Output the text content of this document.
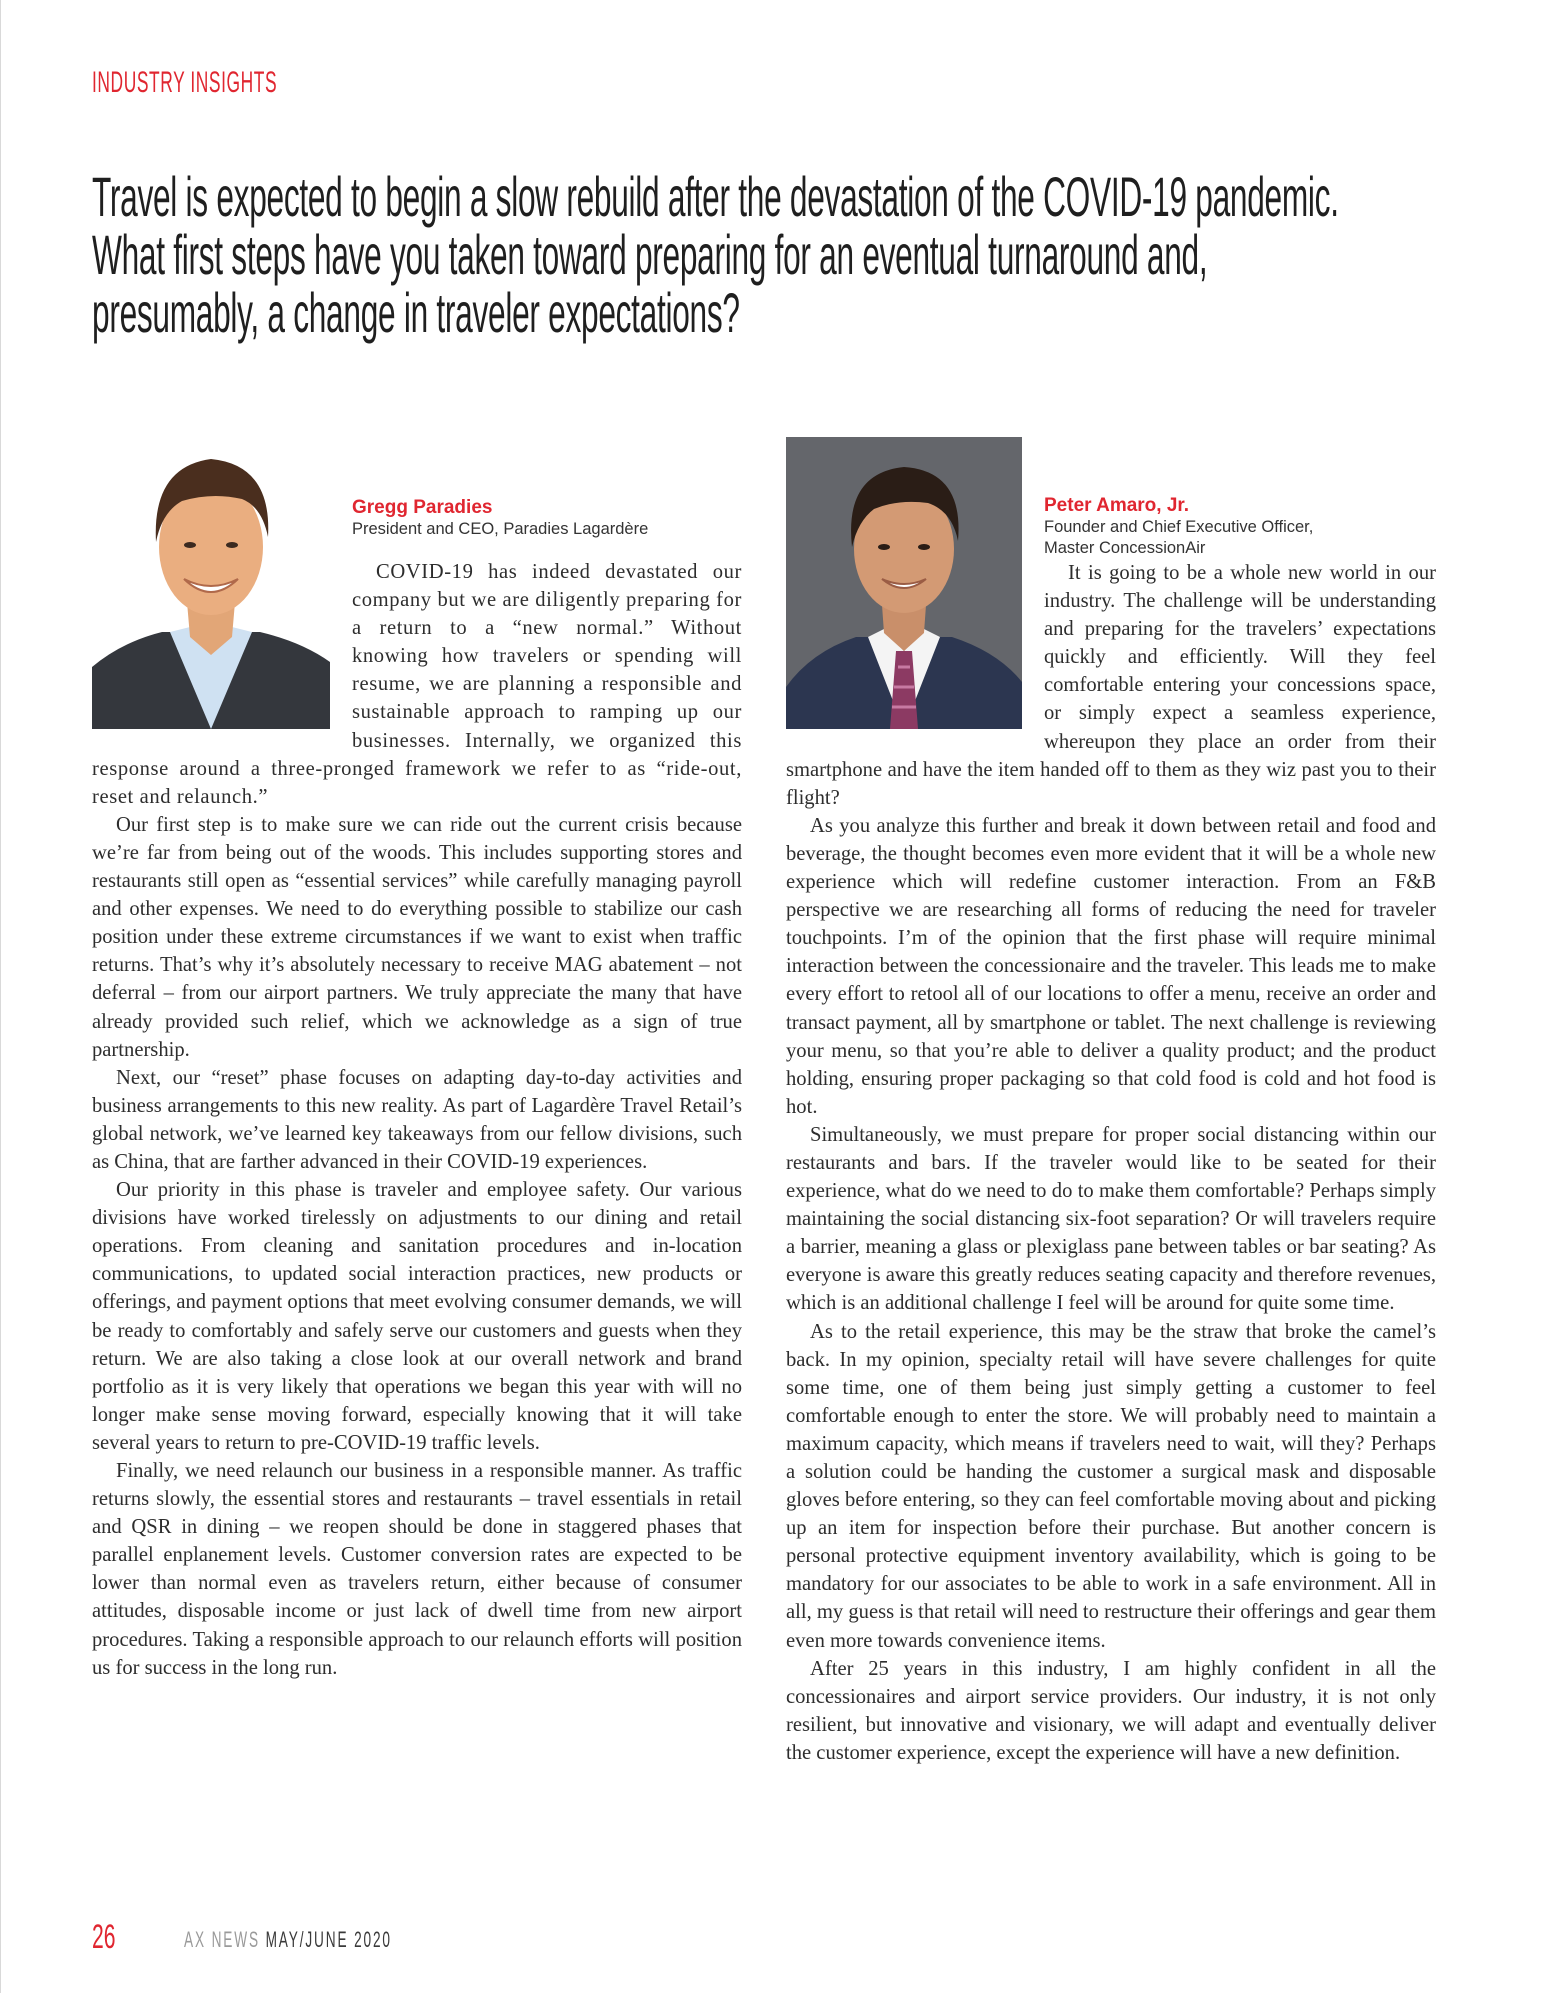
INDUSTRY INSIGHTS
Travel is expected to begin a slow rebuild after the devastation of the COVID-19 pandemic.
What first steps have you taken toward preparing for an eventual turnaround and,
presumably, a change in traveler expectations?
Gregg Paradies
President and CEO, Paradies Lagardère

COVID-19 has indeed devastated our company but we are diligently preparing for a return to a “new normal.” Without knowing how travelers or spending will resume, we are planning a responsible and sustainable approach to ramping up our businesses. Internally, we organized this response around a three-pronged framework we refer to as “ride-out, reset and relaunch.”

Our first step is to make sure we can ride out the current crisis because we’re far from being out of the woods. This includes supporting stores and restaurants still open as “essential services” while carefully managing payroll and other expenses. We need to do everything possible to stabilize our cash position under these extreme circumstances if we want to exist when traffic returns. That’s why it’s absolutely necessary to receive MAG abatement – not deferral – from our airport partners. We truly appreciate the many that have already provided such relief, which we acknowledge as a sign of true partnership.

Next, our “reset” phase focuses on adapting day-to-day activities and business arrangements to this new reality. As part of Lagardère Travel Retail’s global network, we’ve learned key takeaways from our fellow divisions, such as China, that are farther advanced in their COVID-19 experiences.

Our priority in this phase is traveler and employee safety. Our various divisions have worked tirelessly on adjustments to our dining and retail operations. From cleaning and sanitation procedures and in-location communications, to updated social interaction practices, new products or offerings, and payment options that meet evolving consumer demands, we will be ready to comfortably and safely serve our customers and guests when they return. We are also taking a close look at our overall network and brand portfolio as it is very likely that operations we began this year with will no longer make sense moving forward, especially knowing that it will take several years to return to pre-COVID-19 traffic levels.

Finally, we need relaunch our business in a responsible manner. As traffic returns slowly, the essential stores and restaurants – travel essentials in retail and QSR in dining – we reopen should be done in staggered phases that parallel enplanement levels. Customer conversion rates are expected to be lower than normal even as travelers return, either because of consumer attitudes, disposable income or just lack of dwell time from new airport procedures. Taking a responsible approach to our relaunch efforts will position us for success in the long run.

Peter Amaro, Jr.
Founder and Chief Executive Officer,
Master ConcessionAir

It is going to be a whole new world in our industry. The challenge will be understanding and preparing for the travelers’ expectations quickly and efficiently. Will they feel comfortable entering your concessions space, or simply expect a seamless experience, whereupon they place an order from their smartphone and have the item handed off to them as they wiz past you to their flight?

As you analyze this further and break it down between retail and food and beverage, the thought becomes even more evident that it will be a whole new experience which will redefine customer interaction. From an F&B perspective we are researching all forms of reducing the need for traveler touchpoints. I’m of the opinion that the first phase will require minimal interaction between the concessionaire and the traveler. This leads me to make every effort to retool all of our locations to offer a menu, receive an order and transact payment, all by smartphone or tablet. The next challenge is reviewing your menu, so that you’re able to deliver a quality product; and the product holding, ensuring proper packaging so that cold food is cold and hot food is hot.

Simultaneously, we must prepare for proper social distancing within our restaurants and bars. If the traveler would like to be seated for their experience, what do we need to do to make them comfortable? Perhaps simply maintaining the social distancing six-foot separation? Or will travelers require a barrier, meaning a glass or plexiglass pane between tables or bar seating? As everyone is aware this greatly reduces seating capacity and therefore revenues, which is an additional challenge I feel will be around for quite some time.

As to the retail experience, this may be the straw that broke the camel’s back. In my opinion, specialty retail will have severe challenges for quite some time, one of them being just simply getting a customer to feel comfortable enough to enter the store. We will probably need to maintain a maximum capacity, which means if travelers need to wait, will they? Perhaps a solution could be handing the customer a surgical mask and disposable gloves before entering, so they can feel comfortable moving about and picking up an item for inspection before their purchase. But another concern is personal protective equipment inventory availability, which is going to be mandatory for our associates to be able to work in a safe environment. All in all, my guess is that retail will need to restructure their offerings and gear them even more towards convenience items.

After 25 years in this industry, I am highly confident in all the concessionaires and airport service providers. Our industry, it is not only resilient, but innovative and visionary, we will adapt and eventually deliver the customer experience, except the experience will have a new definition.

26	AX NEWS MAY/JUNE 2020
